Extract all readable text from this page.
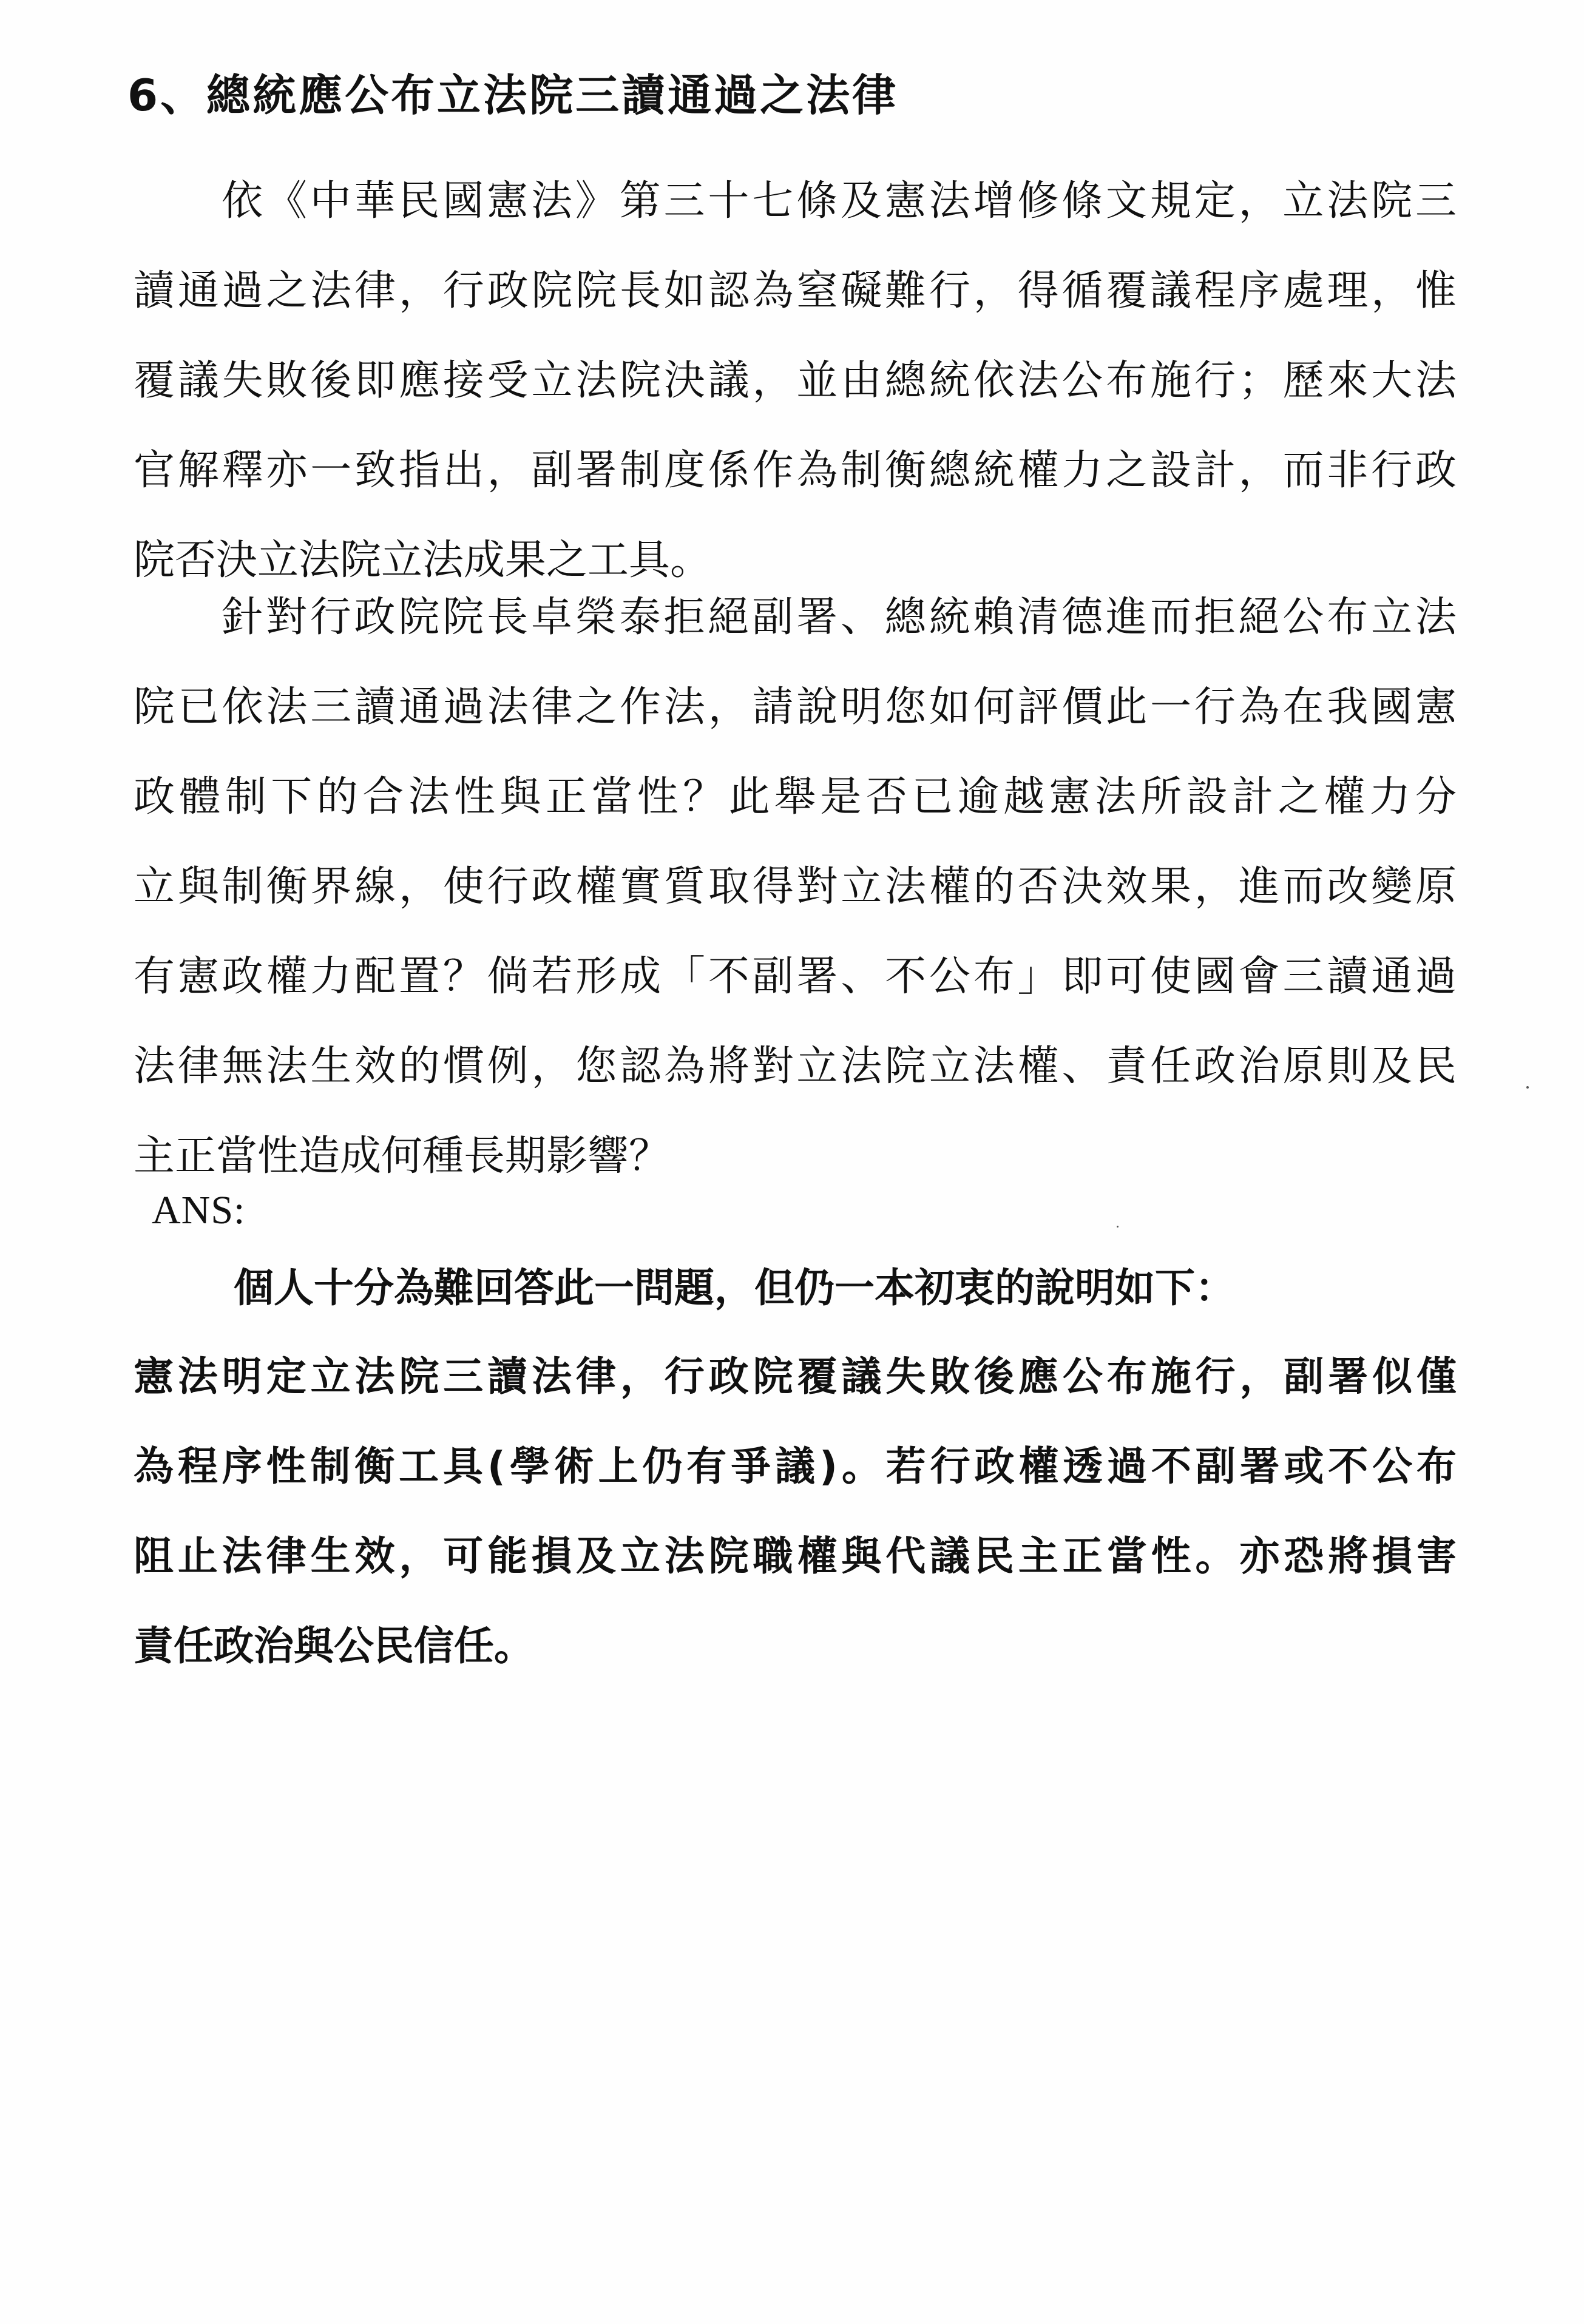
6、總統應公布立法院三讀通過之法律
依《中華民國憲法》第三十七條及憲法增修條文規定，立法院三
讀通過之法律，行政院院長如認為窒礙難行，得循覆議程序處理，惟
覆議失敗後即應接受立法院決議，並由總統依法公布施行；歷來大法
官解釋亦一致指出，副署制度係作為制衡總統權力之設計，而非行政
院否決立法院立法成果之工具。
針對行政院院長卓榮泰拒絕副署、總統賴清德進而拒絕公布立法
院已依法三讀通過法律之作法，請說明您如何評價此一行為在我國憲
政體制下的合法性與正當性？此舉是否已逾越憲法所設計之權力分
立與制衡界線，使行政權實質取得對立法權的否決效果，進而改變原
有憲政權力配置？倘若形成「不副署、不公布」即可使國會三讀通過
法律無法生效的慣例，您認為將對立法院立法權、責任政治原則及民
主正當性造成何種長期影響？
ANS:
個人十分為難回答此一問題，但仍一本初衷的說明如下：
憲法明定立法院三讀法律，行政院覆議失敗後應公布施行，副署似僅
為程序性制衡工具(學術上仍有爭議)。若行政權透過不副署或不公布
阻止法律生效，可能損及立法院職權與代議民主正當性。亦恐將損害
責任政治與公民信任。
